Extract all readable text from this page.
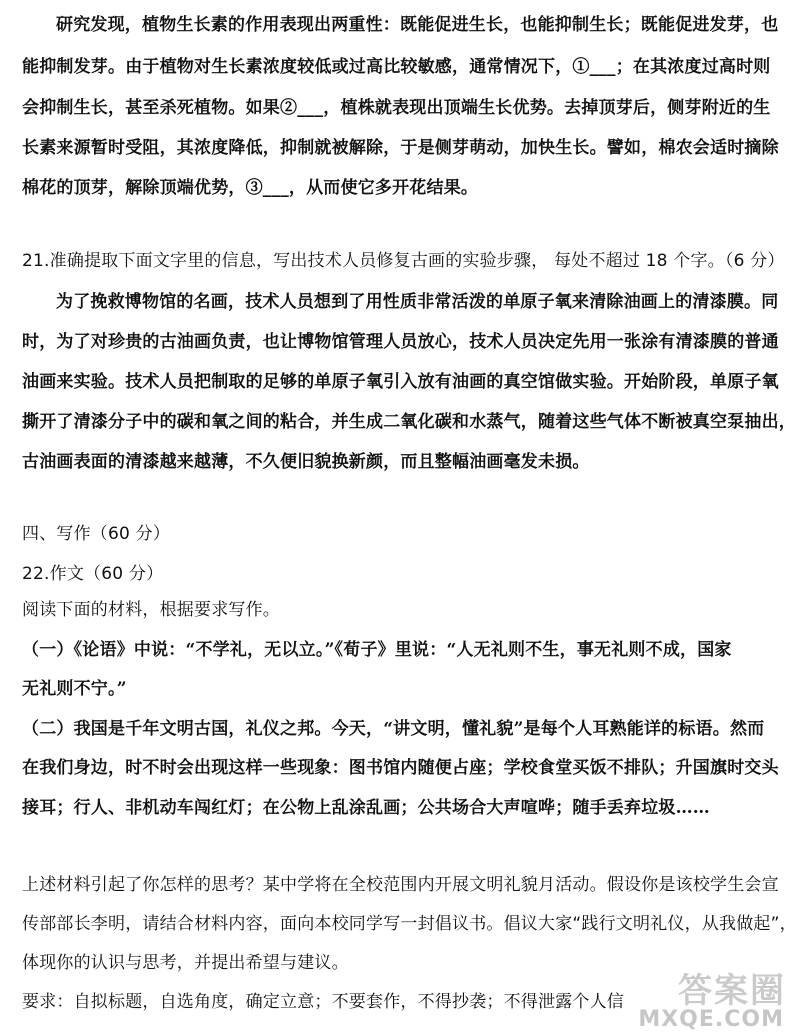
研究发现，植物生长素的作用表现出两重性：既能促进生长，也能抑制生长；既能促进发芽，也
能抑制发芽。由于植物对生长素浓度较低或过高比较敏感，通常情况下，①___；在其浓度过高时则
会抑制生长，甚至杀死植物。如果②___，植株就表现出顶端生长优势。去掉顶芽后，侧芽附近的生
长素来源暂时受阻，其浓度降低，抑制就被解除，于是侧芽萌动，加快生长。譬如，棉农会适时摘除
棉花的顶芽，解除顶端优势，③___，从而使它多开花结果。
21.准确提取下面文字里的信息，写出技术人员修复古画的实验步骤， 每处不超过 18 个字。（6 分）
为了挽救博物馆的名画，技术人员想到了用性质非常活泼的单原子氧来清除油画上的清漆膜。同
时，为了对珍贵的古油画负责，也让博物馆管理人员放心，技术人员决定先用一张涂有清漆膜的普通
油画来实验。技术人员把制取的足够的单原子氧引入放有油画的真空馆做实验。开始阶段，单原子氧
撕开了清漆分子中的碳和氧之间的粘合，并生成二氧化碳和水蒸气，随着这些气体不断被真空泵抽出，
古油画表面的清漆越来越薄，不久便旧貌换新颜，而且整幅油画毫发未损。
四、写作（60 分）
22.作文（60 分）
阅读下面的材料，根据要求写作。
（一）《论语》中说：“不学礼，无以立。”《荀子》里说：“人无礼则不生，事无礼则不成，国家
无礼则不宁。”
（二）我国是千年文明古国，礼仪之邦。今天，“讲文明，懂礼貌”是每个人耳熟能详的标语。然而
在我们身边，时不时会出现这样一些现象：图书馆内随便占座；学校食堂买饭不排队；升国旗时交头
接耳；行人、非机动车闯红灯；在公物上乱涂乱画；公共场合大声喧哗；随手丢弃垃圾……
上述材料引起了你怎样的思考？某中学将在全校范围内开展文明礼貌月活动。假设你是该校学生会宣
传部部长李明，请结合材料内容，面向本校同学写一封倡议书。倡议大家“践行文明礼仪，从我做起”，
体现你的认识与思考，并提出希望与建议。
要求：自拟标题，自选角度，确定立意；不要套作，不得抄袭；不得泄露个人信 答案圈
MXQE.COM
